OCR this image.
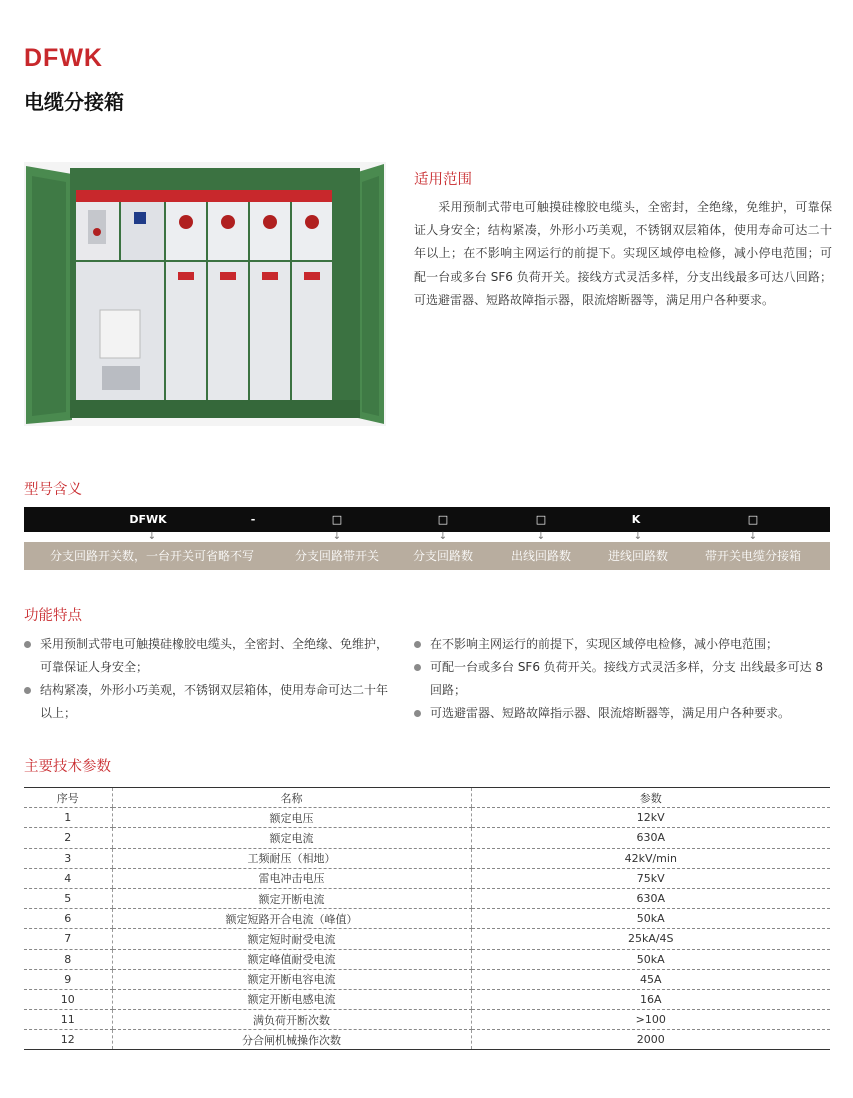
DFWK
电缆分接箱
适用范围
采用预制式带电可触摸硅橡胶电缆头，全密封，全绝缘，免维护，可靠保证人身安全；结构紧凑，外形小巧美观，不锈钢双层箱体，使用寿命可达二十年以上；在不影响主网运行的前提下。实现区域停电检修，减小停电范围；可配一台或多台 SF6 负荷开关。接线方式灵活多样，分支出线最多可达八回路；可选避雷器、短路故障指示器，限流熔断器等，满足用户各种要求。
型号含义
DFWK	-	□	□	□	K	□
↓	↓	↓	↓	↓	↓
分支回路开关数，一台开关可省略不写	分支回路带开关	分支回路数	出线回路数	进线回路数	带开关电缆分接箱
功能特点
采用预制式带电可触摸硅橡胶电缆头，全密封、全绝缘、免维护，可靠保证人身安全；
结构紧凑，外形小巧美观，不锈钢双层箱体，使用寿命可达二十年以上；
在不影响主网运行的前提下，实现区域停电检修，减小停电范围；
可配一台或多台 SF6 负荷开关。接线方式灵活多样，分支 出线最多可达 8 回路；
可选避雷器、短路故障指示器、限流熔断器等，满足用户各种要求。
主要技术参数
序号	名称	参数
1	额定电压	12kV
2	额定电流	630A
3	工频耐压（相地）	42kV/min
4	雷电冲击电压	75kV
5	额定开断电流	630A
6	额定短路开合电流（峰值）	50kA
7	额定短时耐受电流	25kA/4S
8	额定峰值耐受电流	50kA
9	额定开断电容电流	45A
10	额定开断电感电流	16A
11	满负荷开断次数	>100
12	分合闸机械操作次数	2000
